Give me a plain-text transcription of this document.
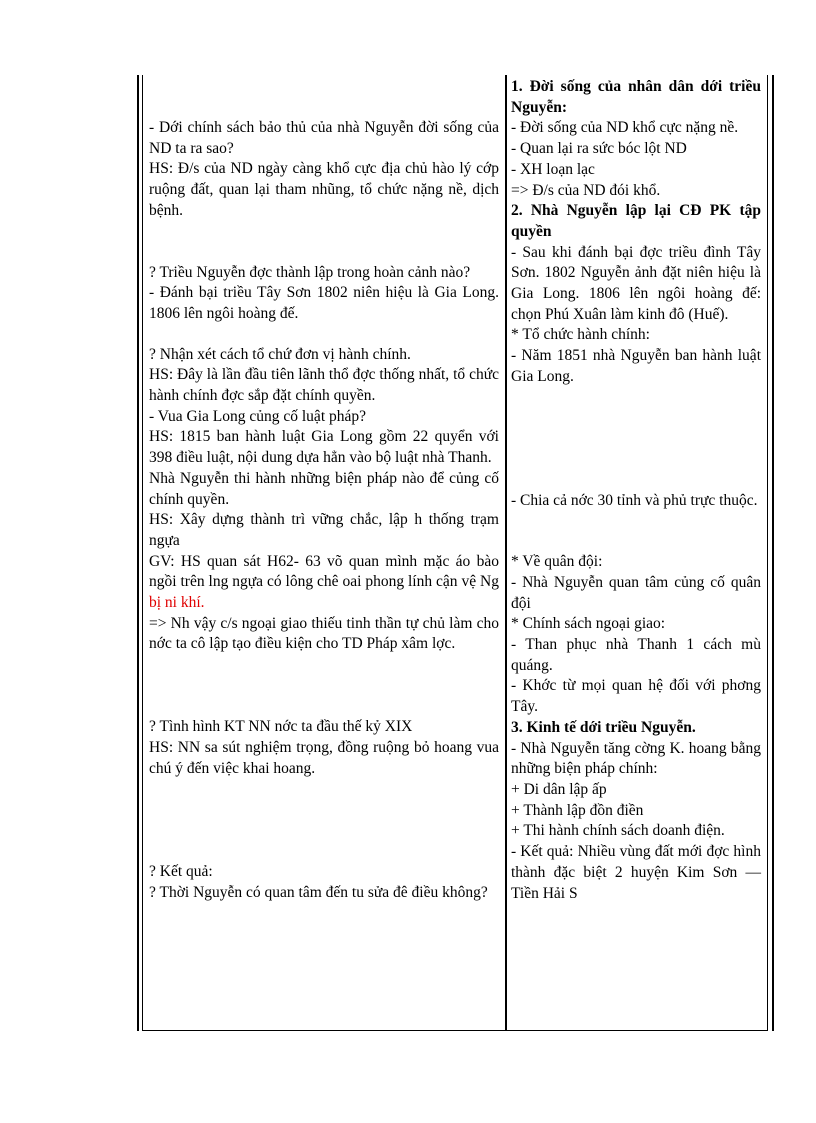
- Dới chính sách bảo thủ của nhà Nguyễn đời sống của ND ta ra sao?

HS: Đ/s của ND ngày càng khổ cực địa chủ hào lý cớp ruộng đất, quan lại tham nhũng, tổ chức nặng nề, dịch bệnh.

? Triều Nguyễn đợc thành lập trong hoàn cảnh nào?

- Đánh bại triều Tây Sơn 1802 niên hiệu là Gia Long. 1806 lên ngôi hoàng đế.

? Nhận xét cách tổ chứ đơn vị hành chính.

HS: Đây là lần đầu tiên lãnh thổ đợc thống nhất, tổ chức hành chính đợc sắp đặt chính quyền.

- Vua Gia Long củng cố luật pháp?

HS: 1815 ban hành luật Gia Long gồm 22 quyển với 398 điều luật, nội dung dựa hẳn vào bộ luật nhà Thanh.

Nhà Nguyễn thi hành những biện pháp nào để củng cố chính quyền.

HS: Xây dựng thành trì vững chắc, lập h thống trạm ngựa

GV: HS quan sát H62- 63 võ quan mình mặc áo bào ngồi trên lng ngựa có lông chê oai phong lính cận vệ Ng bị ni khí.

=> Nh vậy c/s ngoại giao thiếu tinh thần tự chủ làm cho nớc ta cô lập tạo điều kiện cho TD Pháp xâm lợc.

? Tình hình KT NN nớc ta đầu thế kỷ XIX

HS: NN sa sút nghiệm trọng, đồng ruộng bỏ hoang vua chú ý đến việc khai hoang.

? Kết quả:

? Thời Nguyễn có quan tâm đến tu sửa đê điều không?

1. Đời sống của nhân dân dới triều Nguyễn:

- Đời sống của ND khổ cực nặng nề.

- Quan lại ra sức bóc lột ND

- XH loạn lạc

=> Đ/s của ND đói khổ.

2. Nhà Nguyễn lập lại CĐ PK tập quyền

- Sau khi đánh bại đợc triều đình Tây Sơn. 1802 Nguyễn ảnh đặt niên hiệu là Gia Long. 1806 lên ngôi hoàng đế: chọn Phú Xuân làm kinh đô (Huế).

* Tổ chức hành chính:

- Năm 1851 nhà Nguyễn ban hành luật Gia Long.

- Chia cả nớc 30 tỉnh và phủ trực thuộc.

* Về quân đội:

- Nhà Nguyễn quan tâm củng cố quân đội

* Chính sách ngoại giao:

- Than phục nhà Thanh 1 cách mù quáng.

- Khớc từ mọi quan hệ đối với phơng Tây.

3. Kinh tế dới triều Nguyễn.

- Nhà Nguyễn tăng cờng K. hoang bằng những biện pháp chính:

+ Di dân lập ấp

+ Thành lập đồn điền

+ Thi hành chính sách doanh điện.

- Kết quả: Nhiều vùng đất mới đợc hình thành đặc biệt 2 huyện Kim Sơn — Tiền Hải S
